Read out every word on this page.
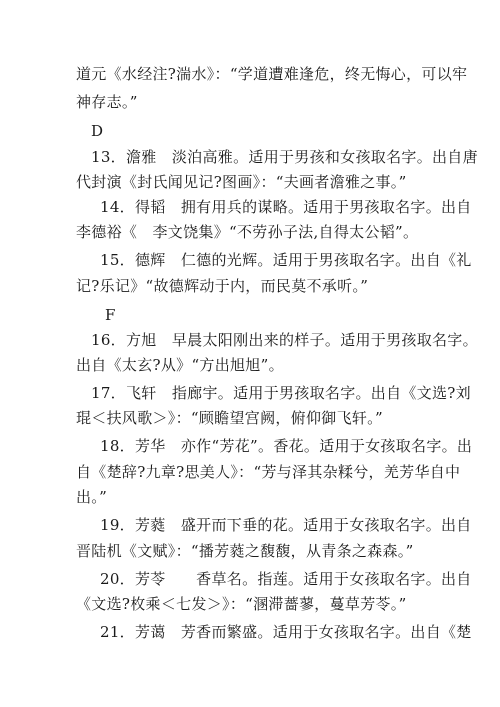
道元《水经注?湍水》：“学道遭难逢危，终无悔心，可以牢
神存志。”
D
13．澹雅　淡泊高雅。适用于男孩和女孩取名字。出自唐
代封演《封氏闻见记?图画》：“夫画者澹雅之事。”
14．得韬　拥有用兵的谋略。适用于男孩取名字。出自
李德裕《　李文饶集》“不劳孙子法,自得太公韬”。
15．德辉　仁德的光辉。适用于男孩取名字。出自《礼
记?乐记》“故德辉动于内，而民莫不承听。”
F
16．方旭　早晨太阳刚出来的样子。适用于男孩取名字。
出自《太玄?从》“方出旭旭”。
17．飞轩　指廊宇。适用于男孩取名字。出自《文选?刘
琨＜扶风歌＞》：“顾瞻望宫阙，俯仰御飞轩。”
18．芳华　亦作“芳花”。香花。适用于女孩取名字。出
自《楚辞?九章?思美人》：“芳与泽其杂糅兮，羌芳华自中
出。”
19．芳蕤　盛开而下垂的花。适用于女孩取名字。出自
晋陆机《文赋》：“播芳蕤之馥馥，从青条之森森。”
20．芳苓　　香草名。指莲。适用于女孩取名字。出自
《文选?枚乘＜七发＞》：“溷滞薔蓼，蔓草芳苓。”
21．芳蔼　芳香而繁盛。适用于女孩取名字。出自《楚
